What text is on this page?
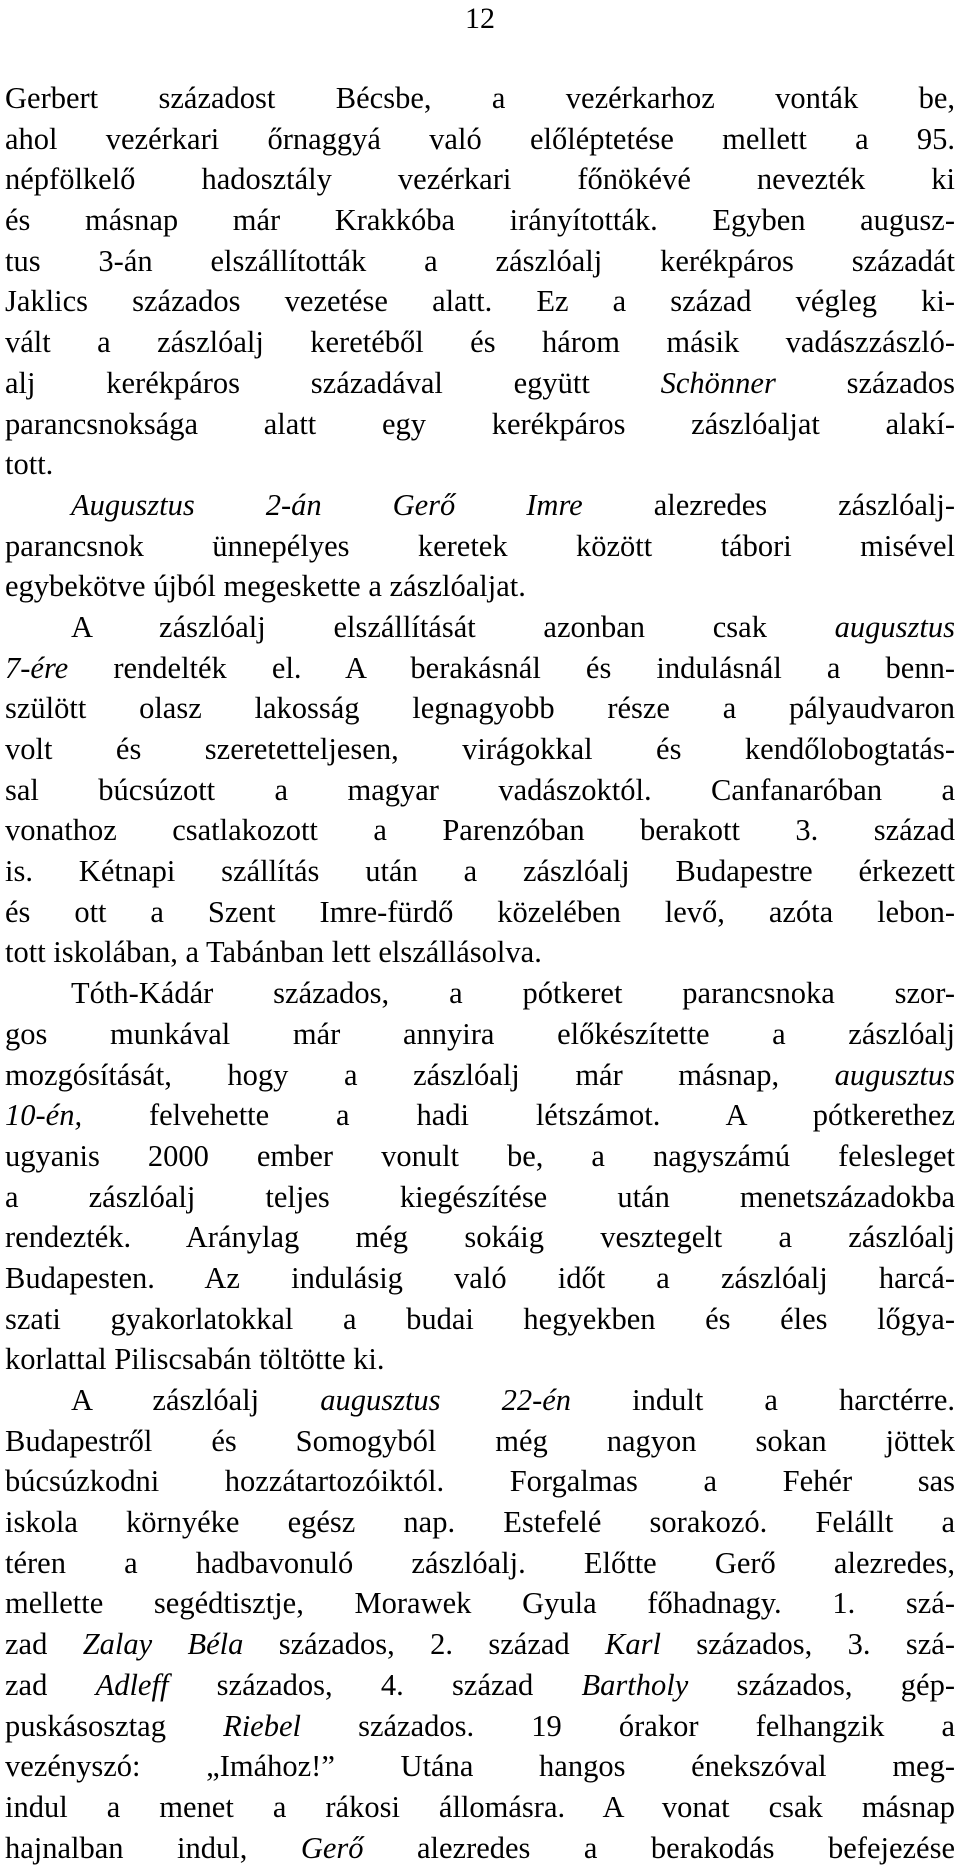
12
Gerbert századost Bécsbe, a vezérkarhoz vonták be,
ahol vezérkari őrnaggyá való előléptetése mellett a 95.
népfölkelő hadosztály vezérkari főnökévé nevezték ki
és másnap már Krakkóba irányították. Egyben augusz-
tus 3-án elszállították a zászlóalj kerékpáros századát
Jaklics százados vezetése alatt. Ez a század végleg ki-
vált a zászlóalj keretéből és három másik vadászzászló-
alj kerékpáros századával együtt Schönner százados
parancsnoksága alatt egy kerékpáros zászlóaljat alakí-
tott.
Augusztus 2-án Gerő Imre alezredes zászlóalj-
parancsnok ünnepélyes keretek között tábori misével
egybekötve újból megeskette a zászlóaljat.
A zászlóalj elszállítását azonban csak augusztus
7-ére rendelték el. A berakásnál és indulásnál a benn-
szülött olasz lakosság legnagyobb része a pályaudvaron
volt és szeretetteljesen, virágokkal és kendőlobogtatás-
sal búcsúzott a magyar vadászoktól. Canfanaróban a
vonathoz csatlakozott a Parenzóban berakott 3. század
is. Kétnapi szállítás után a zászlóalj Budapestre érkezett
és ott a Szent Imre-fürdő közelében levő, azóta lebon-
tott iskolában, a Tabánban lett elszállásolva.
Tóth-Kádár százados, a pótkeret parancsnoka szor-
gos munkával már annyira előkészítette a zászlóalj
mozgósítását, hogy a zászlóalj már másnap, augusztus
10-én, felvehette a hadi létszámot. A pótkerethez
ugyanis 2000 ember vonult be, a nagyszámú felesleget
a zászlóalj teljes kiegészítése után menetszázadokba
rendezték. Aránylag még sokáig vesztegelt a zászlóalj
Budapesten. Az indulásig való időt a zászlóalj harcá-
szati gyakorlatokkal a budai hegyekben és éles lőgya-
korlattal Piliscsabán töltötte ki.
A zászlóalj augusztus 22-én indult a harctérre.
Budapestről és Somogyból még nagyon sokan jöttek
búcsúzkodni hozzátartozóiktól. Forgalmas a Fehér sas
iskola környéke egész nap. Estefelé sorakozó. Felállt a
téren a hadbavonuló zászlóalj. Előtte Gerő alezredes,
mellette segédtisztje, Morawek Gyula főhadnagy. 1. szá-
zad Zalay Béla százados, 2. század Karl százados, 3. szá-
zad Adleff százados, 4. század Bartholy százados, gép-
puskásosztag Riebel százados. 19 órakor felhangzik a
vezényszó: „Imához!” Utána hangos énekszóval meg-
indul a menet a rákosi állomásra. A vonat csak másnap
hajnalban indul, Gerő alezredes a berakodás befejezése
